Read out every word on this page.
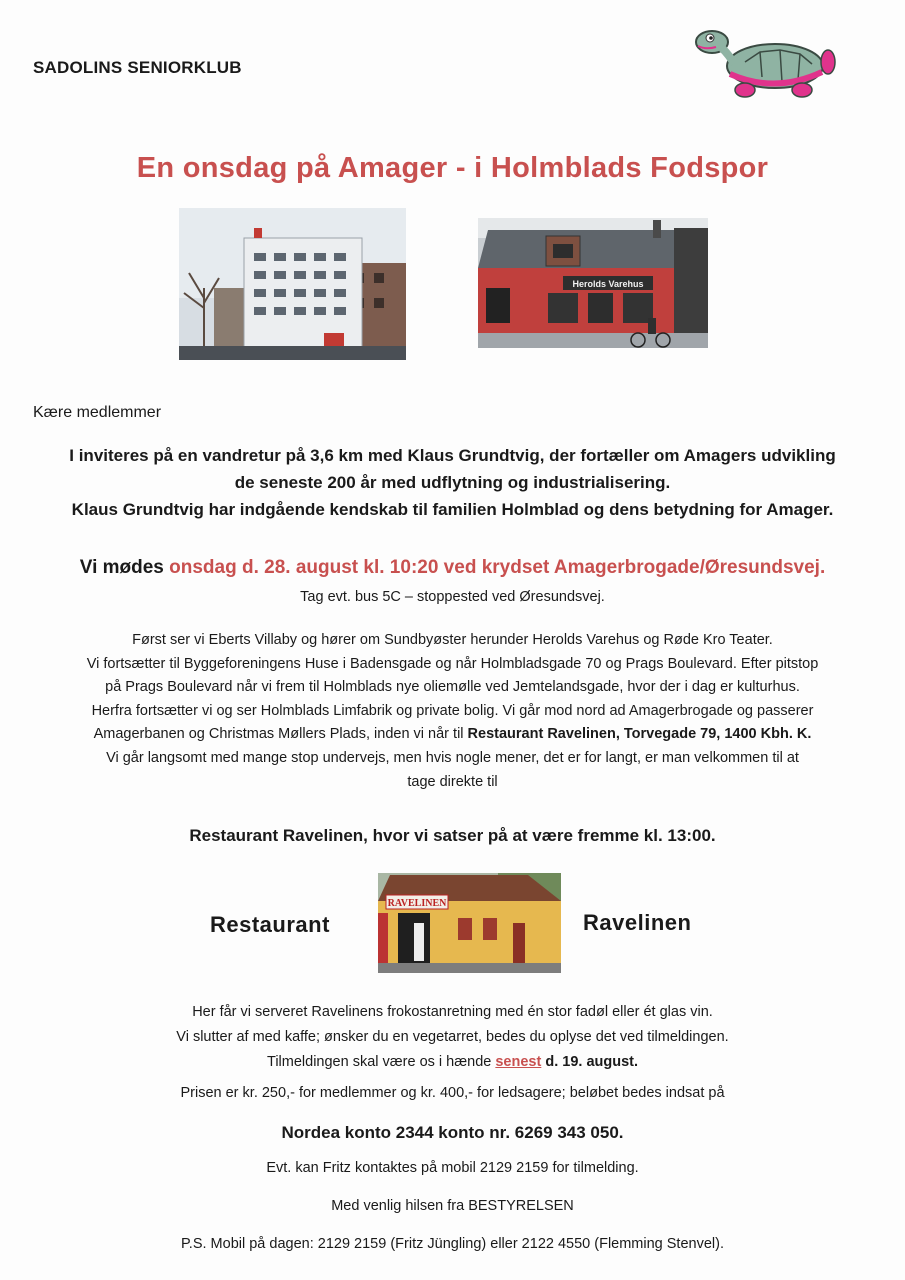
SADOLINS SENIORKLUB
En onsdag på Amager - i Holmblads Fodspor
Herolds Varehus
Kære medlemmer
I inviteres på en vandretur på 3,6 km med Klaus Grundtvig, der fortæller om Amagers udvikling
de seneste 200 år med udflytning og industrialisering.
Klaus Grundtvig har indgående kendskab til familien Holmblad og dens betydning for Amager.
Vi mødes onsdag d. 28. august kl. 10:20 ved krydset Amagerbrogade/Øresundsvej.
Tag evt. bus 5C – stoppested ved Øresundsvej.
Først ser vi Eberts Villaby og hører om Sundbyøster herunder Herolds Varehus og Røde Kro Teater.
Vi fortsætter til Byggeforeningens Huse i Badensgade og når Holmbladsgade 70 og Prags Boulevard. Efter pitstop
på Prags Boulevard når vi frem til Holmblads nye oliemølle ved Jemtelandsgade, hvor der i dag er kulturhus.
Herfra fortsætter vi og ser Holmblads Limfabrik og private bolig. Vi går mod nord ad Amagerbrogade og passerer
Amagerbanen og Christmas Møllers Plads, inden vi når til Restaurant Ravelinen, Torvegade 79, 1400 Kbh. K.
Vi går langsomt med mange stop undervejs, men hvis nogle mener, det er for langt, er man velkommen til at
tage direkte til
Restaurant Ravelinen, hvor vi satser på at være fremme kl. 13:00.
Restaurant
RAVELINEN
Ravelinen
Her får vi serveret Ravelinens frokostanretning med én stor fadøl eller ét glas vin.
Vi slutter af med kaffe; ønsker du en vegetarret, bedes du oplyse det ved tilmeldingen.
Tilmeldingen skal være os i hænde senest d. 19. august.
Prisen er kr. 250,- for medlemmer og kr. 400,- for ledsagere; beløbet bedes indsat på
Nordea konto 2344 konto nr. 6269 343 050.
Evt. kan Fritz kontaktes på mobil 2129 2159 for tilmelding.
Med venlig hilsen fra BESTYRELSEN
P.S. Mobil på dagen: 2129 2159 (Fritz Jüngling) eller 2122 4550 (Flemming Stenvel).
